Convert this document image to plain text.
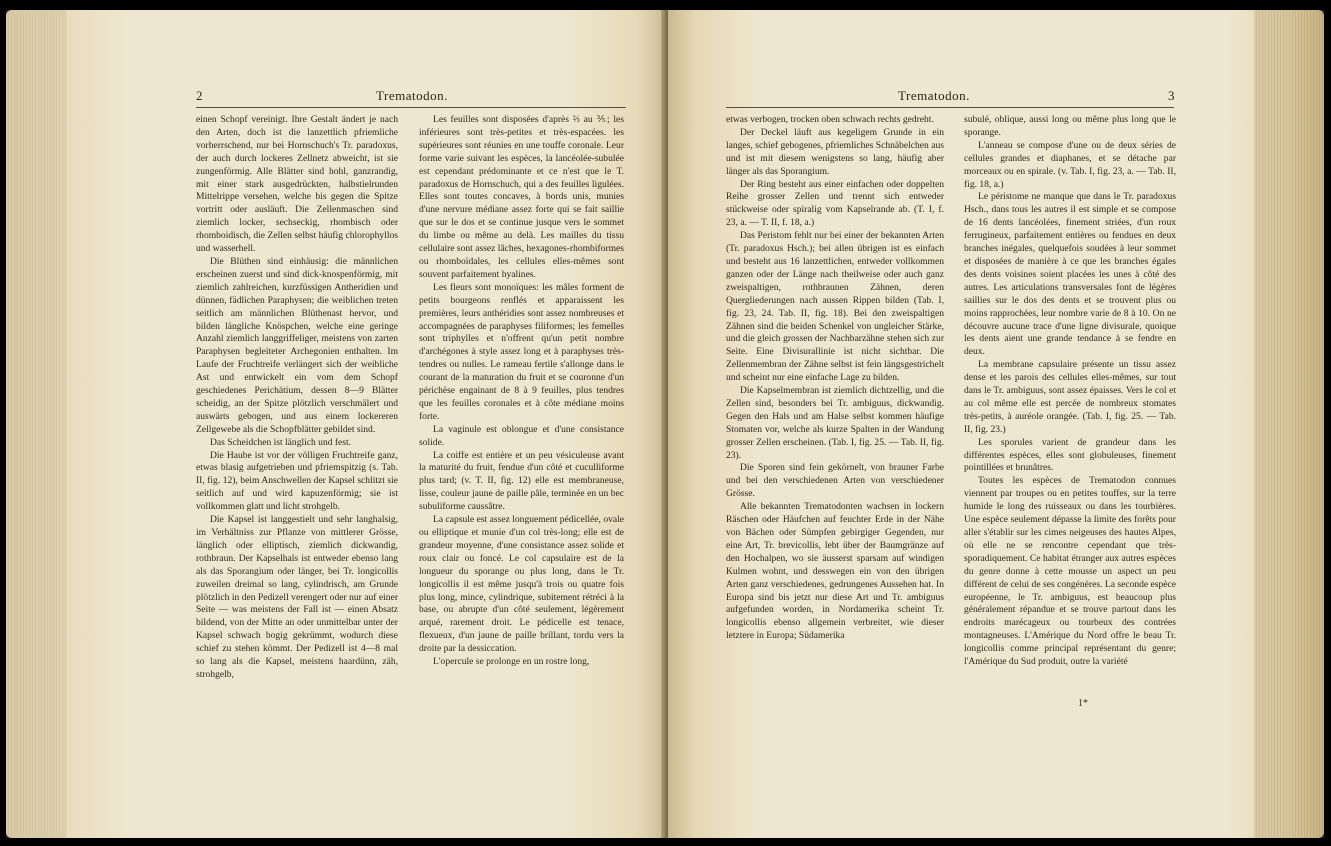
2	Trematodon.

einen Schopf vereinigt. Ihre Gestalt ändert je nach den Arten, doch ist die lanzettlich pfriemliche vorherrschend, nur bei Hornschuch's Tr. paradoxus, der auch durch lockeres Zellnetz abweicht, ist sie zungenförmig. Alle Blätter sind hohl, ganzrandig, mit einer stark ausgedrückten, halbstielrunden Mittelrippe versehen, welche bis gegen die Spitze vortritt oder ausläuft. Die Zellenmaschen sind ziemlich locker, sechseckig, rhombisch oder rhomboidisch, die Zellen selbst häufig chlorophyllos und wasserhell.

Die Blüthen sind einhäusig: die männlichen erscheinen zuerst und sind dick-knospenförmig, mit ziemlich zahlreichen, kurzfüssigen Antheridien und dünnen, fädlichen Paraphysen; die weiblichen treten seitlich am männlichen Blüthenast hervor, und bilden längliche Knöspchen, welche eine geringe Anzahl ziemlich langgriffeliger, meistens von zarten Paraphysen begleiteter Archegonien enthalten. Im Laufe der Fruchtreife verlängert sich der weibliche Ast und entwickelt ein vom dem Schopf geschiedenes Perichätium, dessen 8—9 Blätter scheidig, an der Spitze plötzlich verschmälert und auswärts gebogen, und aus einem lockereren Zellgewebe als die Schopfblätter gebildet sind.

Das Scheidchen ist länglich und fest.

Die Haube ist vor der völligen Fruchtreife ganz, etwas blasig aufgetrieben und pfriemspitzig (s. Tab. II, fig. 12), beim Anschwellen der Kapsel schlitzt sie seitlich auf und wird kapuzenförmig; sie ist vollkommen glatt und licht strohgelb.

Die Kapsel ist langgestielt und sehr langhalsig, im Verhältniss zur Pflanze von mittlerer Grösse, länglich oder elliptisch, ziemlich dickwandig, rothbraun. Der Kapselhals ist entweder ebenso lang als das Sporangium oder länger, bei Tr. longicollis zuweilen dreimal so lang, cylindrisch, am Grunde plötzlich in den Pedizell verengert oder nur auf einer Seite — was meistens der Fall ist — einen Absatz bildend, von der Mitte an oder unmittelbar unter der Kapsel schwach bogig gekrümmt, wodurch diese schief zu stehen kömmt. Der Pedizell ist 4—8 mal so lang als die Kapsel, meistens haardünn, zäh, strohgelb,

Les feuilles sont disposées d'après ⅔ au ⅗; les inférieures sont très-petites et très-espacées. les supérieures sont réunies en une touffe coronale. Leur forme varie suivant les espèces, la lancéolée-subulée est cependant prédominante et ce n'est que le T. paradoxus de Hornschuch, qui a des feuilles ligulées. Elles sont toutes concaves, à bords unis, munies d'une nervure médiane assez forte qui se fait saillie que sur le dos et se continue jusque vers le sommet du limbe ou même au delà. Les mailles du tissu cellulaire sont assez lâches, hexagones-rhombiformes ou rhomboïdales, les cellules elles-mêmes sont souvent parfaitement hyalines.

Les fleurs sont monoïques: les mâles forment de petits bourgeons renflés et apparaissent les premières, leurs anthéridies sont assez nombreuses et accompagnées de paraphyses filiformes; les femelles sont triphylles et n'offrent qu'un petit nombre d'archégones à style assez long et à paraphyses très-tendres ou nulles. Le rameau fertile s'allonge dans le courant de la maturation du fruit et se couronne d'un périchèse engainant de 8 à 9 feuilles, plus tendres que les feuilles coronales et à côte médiane moins forte.

La vaginule est oblongue et d'une consistance solide.

La coiffe est entière et un peu vésiculeuse avant la maturité du fruit, fendue d'un côté et cuculliforme plus tard; (v. T. II, fig. 12) elle est membraneuse, lisse, couleur jaune de paille pâle, terminée en un bec subuliforme caussâtre.

La capsule est assez longuement pédicellée, ovale ou elliptique et munie d'un col très-long; elle est de grandeur moyenne, d'une consistance assez solide et roux clair ou foncé. Le col capsulaire est de la longueur du sporange ou plus long, dans le Tr. longicollis il est même jusqu'à trois ou quatre fois plus long, mince, cylindrique, subitement rétréci à la base, ou abrupte d'un côté seulement, légèrement arqué, rarement droit. Le pédicelle est tenace, flexueux, d'un jaune de paille brillant, tordu vers la droite par la dessiccation.

L'opercule se prolonge en un rostre long,

Trematodon.	3

etwas verbogen, trocken oben schwach rechts gedreht.

Der Deckel läuft aus kegeligem Grunde in ein langes, schief gebogenes, pfriemliches Schnäbelchen aus und ist mit diesem wenigstens so lang, häufig aber länger als das Sporangium.

Der Ring besteht aus einer einfachen oder doppelten Reihe grosser Zellen und trennt sich entweder stückweise oder spiralig vom Kapselrande ab. (T. I, f. 23, a. — T. II, f. 18, a.)

Das Peristom fehlt nur bei einer der bekannten Arten (Tr. paradoxus Hsch.); bei allen übrigen ist es einfach und besteht aus 16 lanzettlichen, entweder vollkommen ganzen oder der Länge nach theilweise oder auch ganz zweispaltigen, rothbraunen Zähnen, deren Quergliederungen nach aussen Rippen bilden (Tab. I, fig. 23, 24. Tab. II, fig. 18). Bei den zweispaltigen Zähnen sind die beiden Schenkel von ungleicher Stärke, und die gleich grossen der Nachbarzähne stehen sich zur Seite. Eine Divisurallinie ist nicht sichtbar. Die Zellenmembran der Zähne selbst ist fein längsgestrichelt und scheint nur eine einfache Lage zu bilden.

Die Kapselmembran ist ziemlich dichtzellig, und die Zellen sind, besonders bei Tr. ambiguus, dickwandig. Gegen den Hals und am Halse selbst kommen häufige Stomaten vor, welche als kurze Spalten in der Wandung grosser Zellen erscheinen. (Tab. I, fig. 25. — Tab. II, fig. 23).

Die Sporen sind fein gekörnelt, von brauner Farbe und bei den verschiedenen Arten von verschiedener Grösse.

Alle bekannten Trematodonten wachsen in lockern Räschen oder Häufchen auf feuchter Erde in der Nähe von Bächen oder Sümpfen gebirgiger Gegenden, nur eine Art, Tr. brevicollis, lebt über der Baumgränze auf den Hochalpen, wo sie äusserst sparsam auf windigen Kulmen wohnt, und desswegen ein von den übrigen Arten ganz verschiedenes, gedrungenes Aussehen hat. In Europa sind bis jetzt nur diese Art und Tr. ambiguus aufgefunden worden, in Nordamerika scheint Tr. longicollis ebenso allgemein verbreitet, wie dieser letztere in Europa; Südamerika

subulé, oblique, aussi long ou même plus long que le sporange.

L'anneau se compose d'une ou de deux séries de cellules grandes et diaphanes, et se détache par morceaux ou en spirale. (v. Tab. I, fig. 23, a. — Tab. II, fig. 18, a.)

Le péristome ne manque que dans le Tr. paradoxus Hsch., dans tous les autres il est simple et se compose de 16 dents lancéolées, finement striées, d'un roux ferrugineux, parfaitement entières ou fendues en deux branches inégales, quelquefois soudées à leur sommet et disposées de manière à ce que les branches égales des dents voisines soient placées les unes à côté des autres. Les articulations transversales font de légères saillies sur le dos des dents et se trouvent plus ou moins rapprochées, leur nombre varie de 8 à 10. On ne découvre aucune trace d'une ligne divisurale, quoique les dents aient une grande tendance à se fendre en deux.

La membrane capsulaire présente un tissu assez dense et les parois des cellules elles-mêmes, sur tout dans le Tr. ambiguus, sont assez épaisses. Vers le col et au col même elle est percée de nombreux stomates très-petits, à auréole orangée. (Tab. I, fig. 25. — Tab. II, fig. 23.)

Les sporules varient de grandeur dans les différentes espèces, elles sont globuleuses, finement pointillées et brunâtres.

Toutes les espèces de Trematodon connues viennent par troupes ou en petites touffes, sur la terre humide le long des ruisseaux ou dans les tourbières. Une espèce seulement dépasse la limite des forêts pour aller s'établir sur les cimes neigeuses des hautes Alpes, où elle ne se rencontre cependant que très-sporadiquement. Ce habitat étranger aux autres espèces du genre donne à cette mousse un aspect un peu différent de celui de ses congénères. La seconde espèce européenne, le Tr. ambiguus, est beaucoup plus généralement répandue et se trouve partout dans les endroits marécageux ou tourbeux des contrées montagneuses. L'Amérique du Nord offre le beau Tr. longicollis comme principal représentant du genre; l'Amérique du Sud produit, outre la variété

1*
